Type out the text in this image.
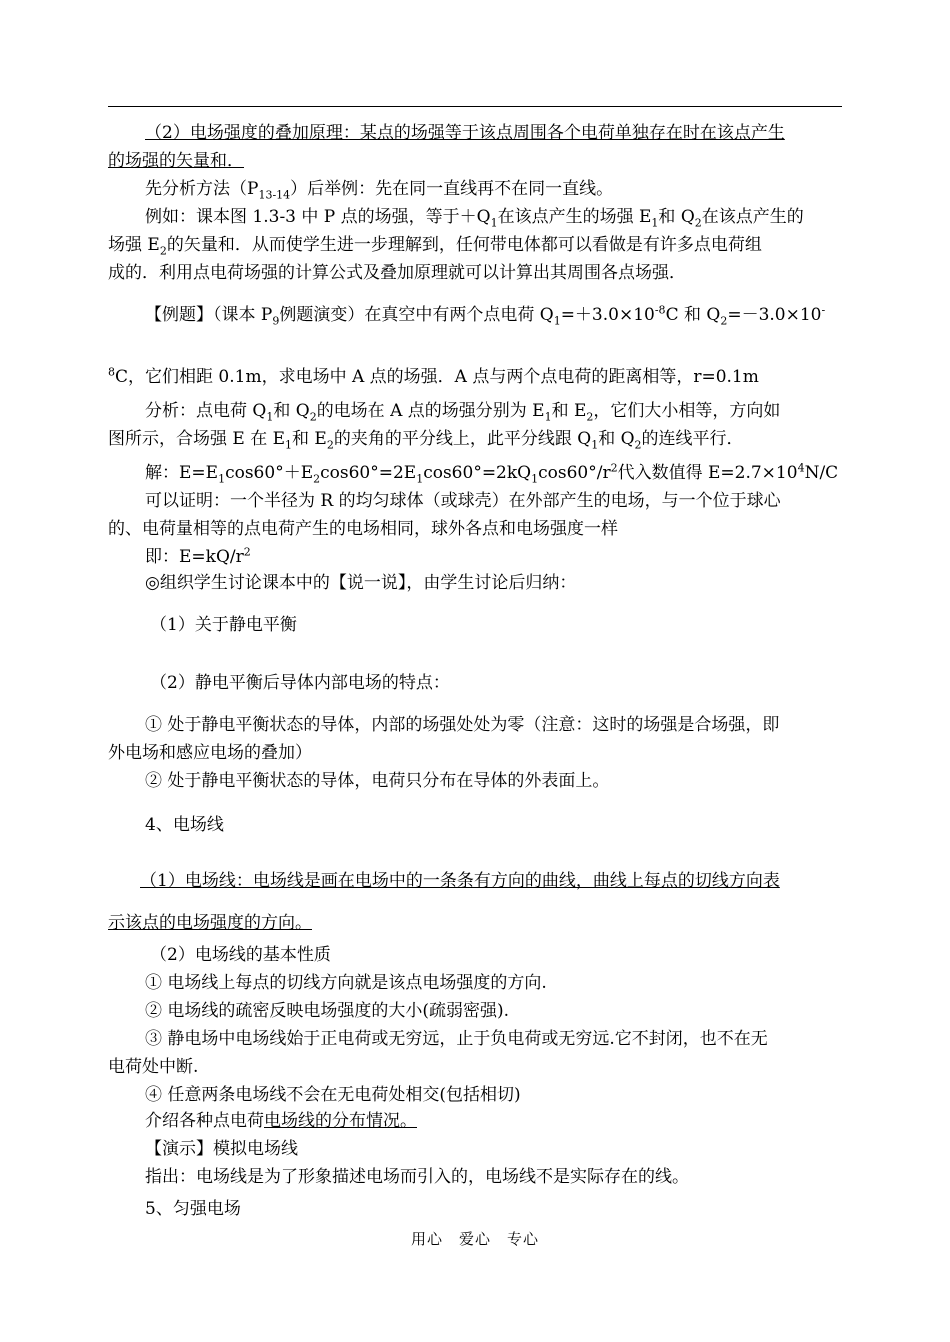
（2）电场强度的叠加原理：某点的场强等于该点周围各个电荷单独存在时在该点产生
的场强的矢量和．
先分析方法$(P_{13-14})$后举例：先在同一直线再不在同一直线。
例如：课本图 1.3-3 中 P 点的场强，等于$+Q_1$在该点产生的场强 $E_1$和 $Q_2$在该点产生的
场强 $E_2$的矢量和．从而使学生进一步理解到，任何带电体都可以看做是有许多点电荷组
成的．利用点电荷场强的计算公式及叠加原理就可以计算出其周围各点场强．
【例题】（课本 $P_9$例题演变）在真空中有两个点电荷 $Q_1=+3.0\times 10^{-8}C$ 和 $Q_2=-3.0\times 10^-$
$^8$C，它们相距 0.1m，求电场中 A 点的场强．A 点与两个点电荷的距离相等，r=0.1m
分析：点电荷 $Q_1$和 $Q_2$的电场在 A 点的场强分别为 $E_1$和 $E_2$，它们大小相等，方向如
图所示，合场强 E 在 $E_1$和 $E_2$的夹角的平分线上，此平分线跟 $Q_1$和 $Q_2$的连线平行．
解：$E=E_1\cos 60^\circ+E_2\cos 60^\circ=2E_1\cos 60^\circ=2kQ_1\cos 60^\circ/r^2$代入数值得 $E=2.7\times 10^4N/C$
可以证明：一个半径为 R 的均匀球体（或球壳）在外部产生的电场，与一个位于球心
的、电荷量相等的点电荷产生的电场相同，球外各点和电场强度一样
即：$E=kQ/r^2$
◎组织学生讨论课本中的【说一说】，由学生讨论后归纳：
（1）关于静电平衡
（2）静电平衡后导体内部电场的特点：
① 处于静电平衡状态的导体，内部的场强处处为零（注意：这时的场强是合场强，即
外电场和感应电场的叠加）
② 处于静电平衡状态的导体，电荷只分布在导体的外表面上。
4、电场线
（1）电场线：电场线是画在电场中的一条条有方向的曲线，曲线上每点的切线方向表
示该点的电场强度的方向。
（2）电场线的基本性质
① 电场线上每点的切线方向就是该点电场强度的方向.
② 电场线的疏密反映电场强度的大小(疏弱密强).
③ 静电场中电场线始于正电荷或无穷远，止于负电荷或无穷远.它不封闭，也不在无
电荷处中断.
④ 任意两条电场线不会在无电荷处相交(包括相切)
介绍各种点电荷电场线的分布情况。
【演示】模拟电场线
指出：电场线是为了形象描述电场而引入的，电场线不是实际存在的线。
5、匀强电场
用心 爱心 专心
